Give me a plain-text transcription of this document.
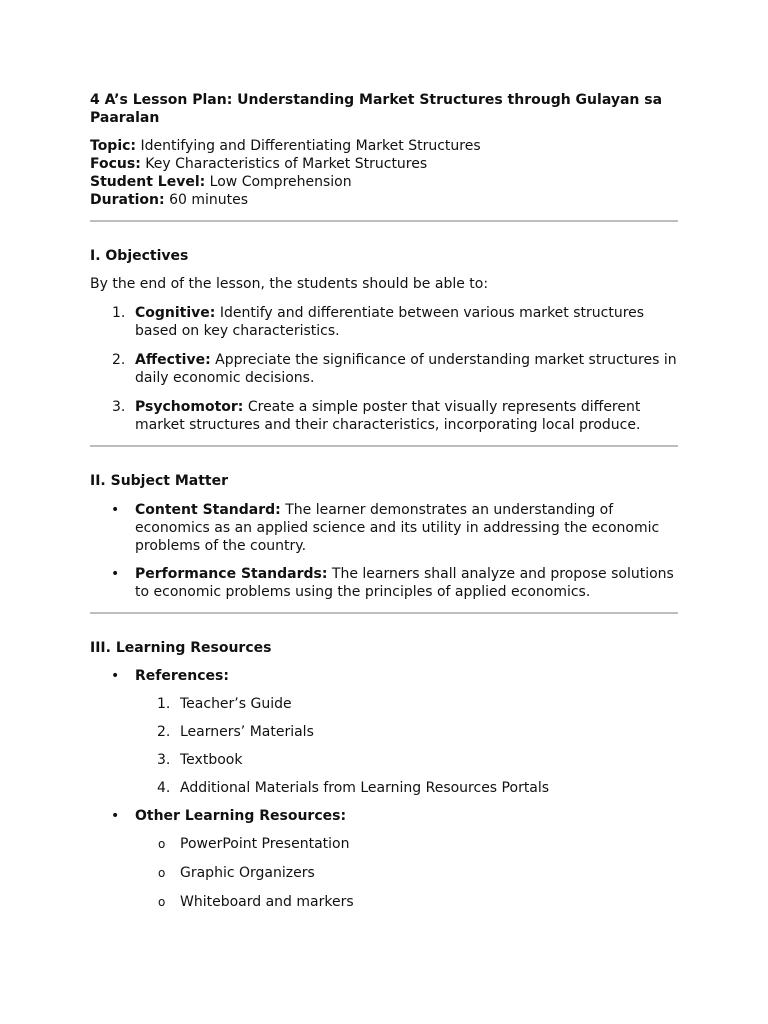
4 A’s Lesson Plan: Understanding Market Structures through Gulayan sa Paaralan
Topic: Identifying and Differentiating Market Structures
Focus: Key Characteristics of Market Structures
Student Level: Low Comprehension
Duration: 60 minutes
I. Objectives

By the end of the lesson, the students should be able to:

1. Cognitive: Identify and differentiate between various market structures based on key characteristics.
2. Affective: Appreciate the significance of understanding market structures in daily economic decisions.
3. Psychomotor: Create a simple poster that visually represents different market structures and their characteristics, incorporating local produce.
II. Subject Matter
• Content Standard: The learner demonstrates an understanding of economics as an applied science and its utility in addressing the economic problems of the country.
• Performance Standards: The learners shall analyze and propose solutions to economic problems using the principles of applied economics.
III. Learning Resources
• References:
1. Teacher’s Guide
2. Learners’ Materials
3. Textbook
4. Additional Materials from Learning Resources Portals
• Other Learning Resources:
o PowerPoint Presentation
o Graphic Organizers
o Whiteboard and markers
